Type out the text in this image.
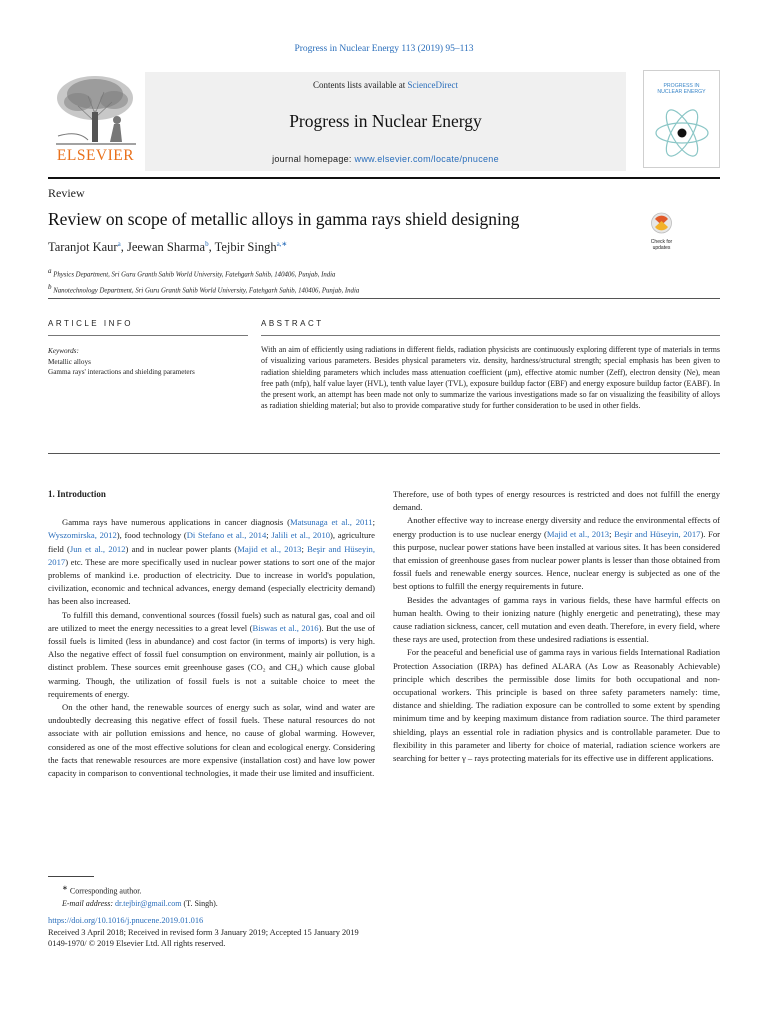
Progress in Nuclear Energy 113 (2019) 95–113
ELSEVIER
Contents lists available at ScienceDirect
Progress in Nuclear Energy
journal homepage: www.elsevier.com/locate/pnucene
PROGRESS IN
NUCLEAR ENERGY
Review
Review on scope of metallic alloys in gamma rays shield designing
Taranjot Kaur$^a$, Jeewan Sharma$^b$, Tejbir Singh$^{a,∗}$	Check for
updates
$^a$ Physics Department, Sri Guru Granth Sahib World University, Fatehgarh Sahib, 140406, Punjab, India
$^b$ Nanotechnology Department, Sri Guru Granth Sahib World University, Fatehgarh Sahib, 140406, Punjab, India
ARTICLE INFO	ABSTRACT
Keywords:
Metallic alloys
Gamma rays' interactions and shielding parameters
With an aim of efficiently using radiations in different fields, radiation physicists are continuously exploring different type of materials in terms of visualizing various parameters. Besides physical parameters viz. density, hardness/structural strength; special emphasis has been given to radiation shielding parameters which includes mass attenuation coefficient (μm), effective atomic number (Zeff), electron density (Ne), mean free path (mfp), half value layer (HVL), tenth value layer (TVL), exposure buildup factor (EBF) and energy exposure buildup factor (EABF). In the present work, an attempt has been made not only to summarize the various investigations made so far on visualizing the feasibility of alloys as radiation shielding material; but also to provide comparative study for further consideration to be used in other fields.

1. Introduction

Gamma rays have numerous applications in cancer diagnosis (Matsunaga et al., 2011; Wyszomirska, 2012), food technology (Di Stefano et al., 2014; Jalili et al., 2010), agriculture field (Jun et al., 2012) and in nuclear power plants (Majid et al., 2013; Beşir and Hüseyin, 2017) etc. These are more specifically used in nuclear power stations to sort one of the major problems of mankind i.e. production of electricity. Due to increase in world's population, civilization, economic and technical advances, energy demand (especially electricity demand) has been also increased.

To fulfill this demand, conventional sources (fossil fuels) such as natural gas, coal and oil are utilized to meet the energy necessities to a great level (Biswas et al., 2016). But the use of fossil fuels is limited (less in abundance) and cost factor (in terms of imports) is very high. Also the negative effect of fossil fuel consumption on environment, mainly air pollution, is a distinct problem. These sources emit greenhouse gases (CO₂ and CH₄) which cause global warming. Though, the utilization of fossil fuels is not a suitable choice to meet the requirements of energy.

On the other hand, the renewable sources of energy such as solar, wind and water are undoubtedly decreasing this negative effect of fossil fuels. These natural resources do not associate with air pollution emissions and hence, no cause of global warming. However, considered as one of the most effective solutions for clean and ecological energy. Considering the facts that renewable resources are more expensive (installation cost) and have low power capacity in comparison to conventional technologies, it made their use limited and insufficient.

Therefore, use of both types of energy resources is restricted and does not fulfill the energy demand.

Another effective way to increase energy diversity and reduce the environmental effects of energy production is to use nuclear energy (Majid et al., 2013; Beşir and Hüseyin, 2017). For this purpose, nuclear power stations have been installed at various sites. It has been considered that emission of greenhouse gases from nuclear power plants is lesser than those obtained from fossil fuels and renewable energy sources. Hence, nuclear energy is subjected as one of the best options to fulfill the energy requirements in future.

Besides the advantages of gamma rays in various fields, these have harmful effects on human health. Owing to their ionizing nature (highly energetic and penetrating), these may cause radiation sickness, cancer, cell mutation and even death. Therefore, in every field, where these rays are used, protection from these undesired radiations is essential.

For the peaceful and beneficial use of gamma rays in various fields International Radiation Protection Association (IRPA) has defined ALARA (As Low as Reasonably Achievable) principle which describes the permissible dose limits for both occupational and non-occupational workers. This principle is based on three safety parameters namely: time, distance and shielding. The radiation exposure can be controlled to some extent by spending minimum time and by keeping maximum distance from radiation source. The third parameter shielding, plays an essential role in radiation physics and is controllable parameter. Due to flexibility in this parameter and liberty for choice of material, radiation science workers are searching for better γ – rays protecting materials for its effective use in different applications.

∗ Corresponding author.
E-mail address: dr.tejbir@gmail.com (T. Singh).
https://doi.org/10.1016/j.pnucene.2019.01.016
Received 3 April 2018; Received in revised form 3 January 2019; Accepted 15 January 2019
0149-1970/ © 2019 Elsevier Ltd. All rights reserved.
